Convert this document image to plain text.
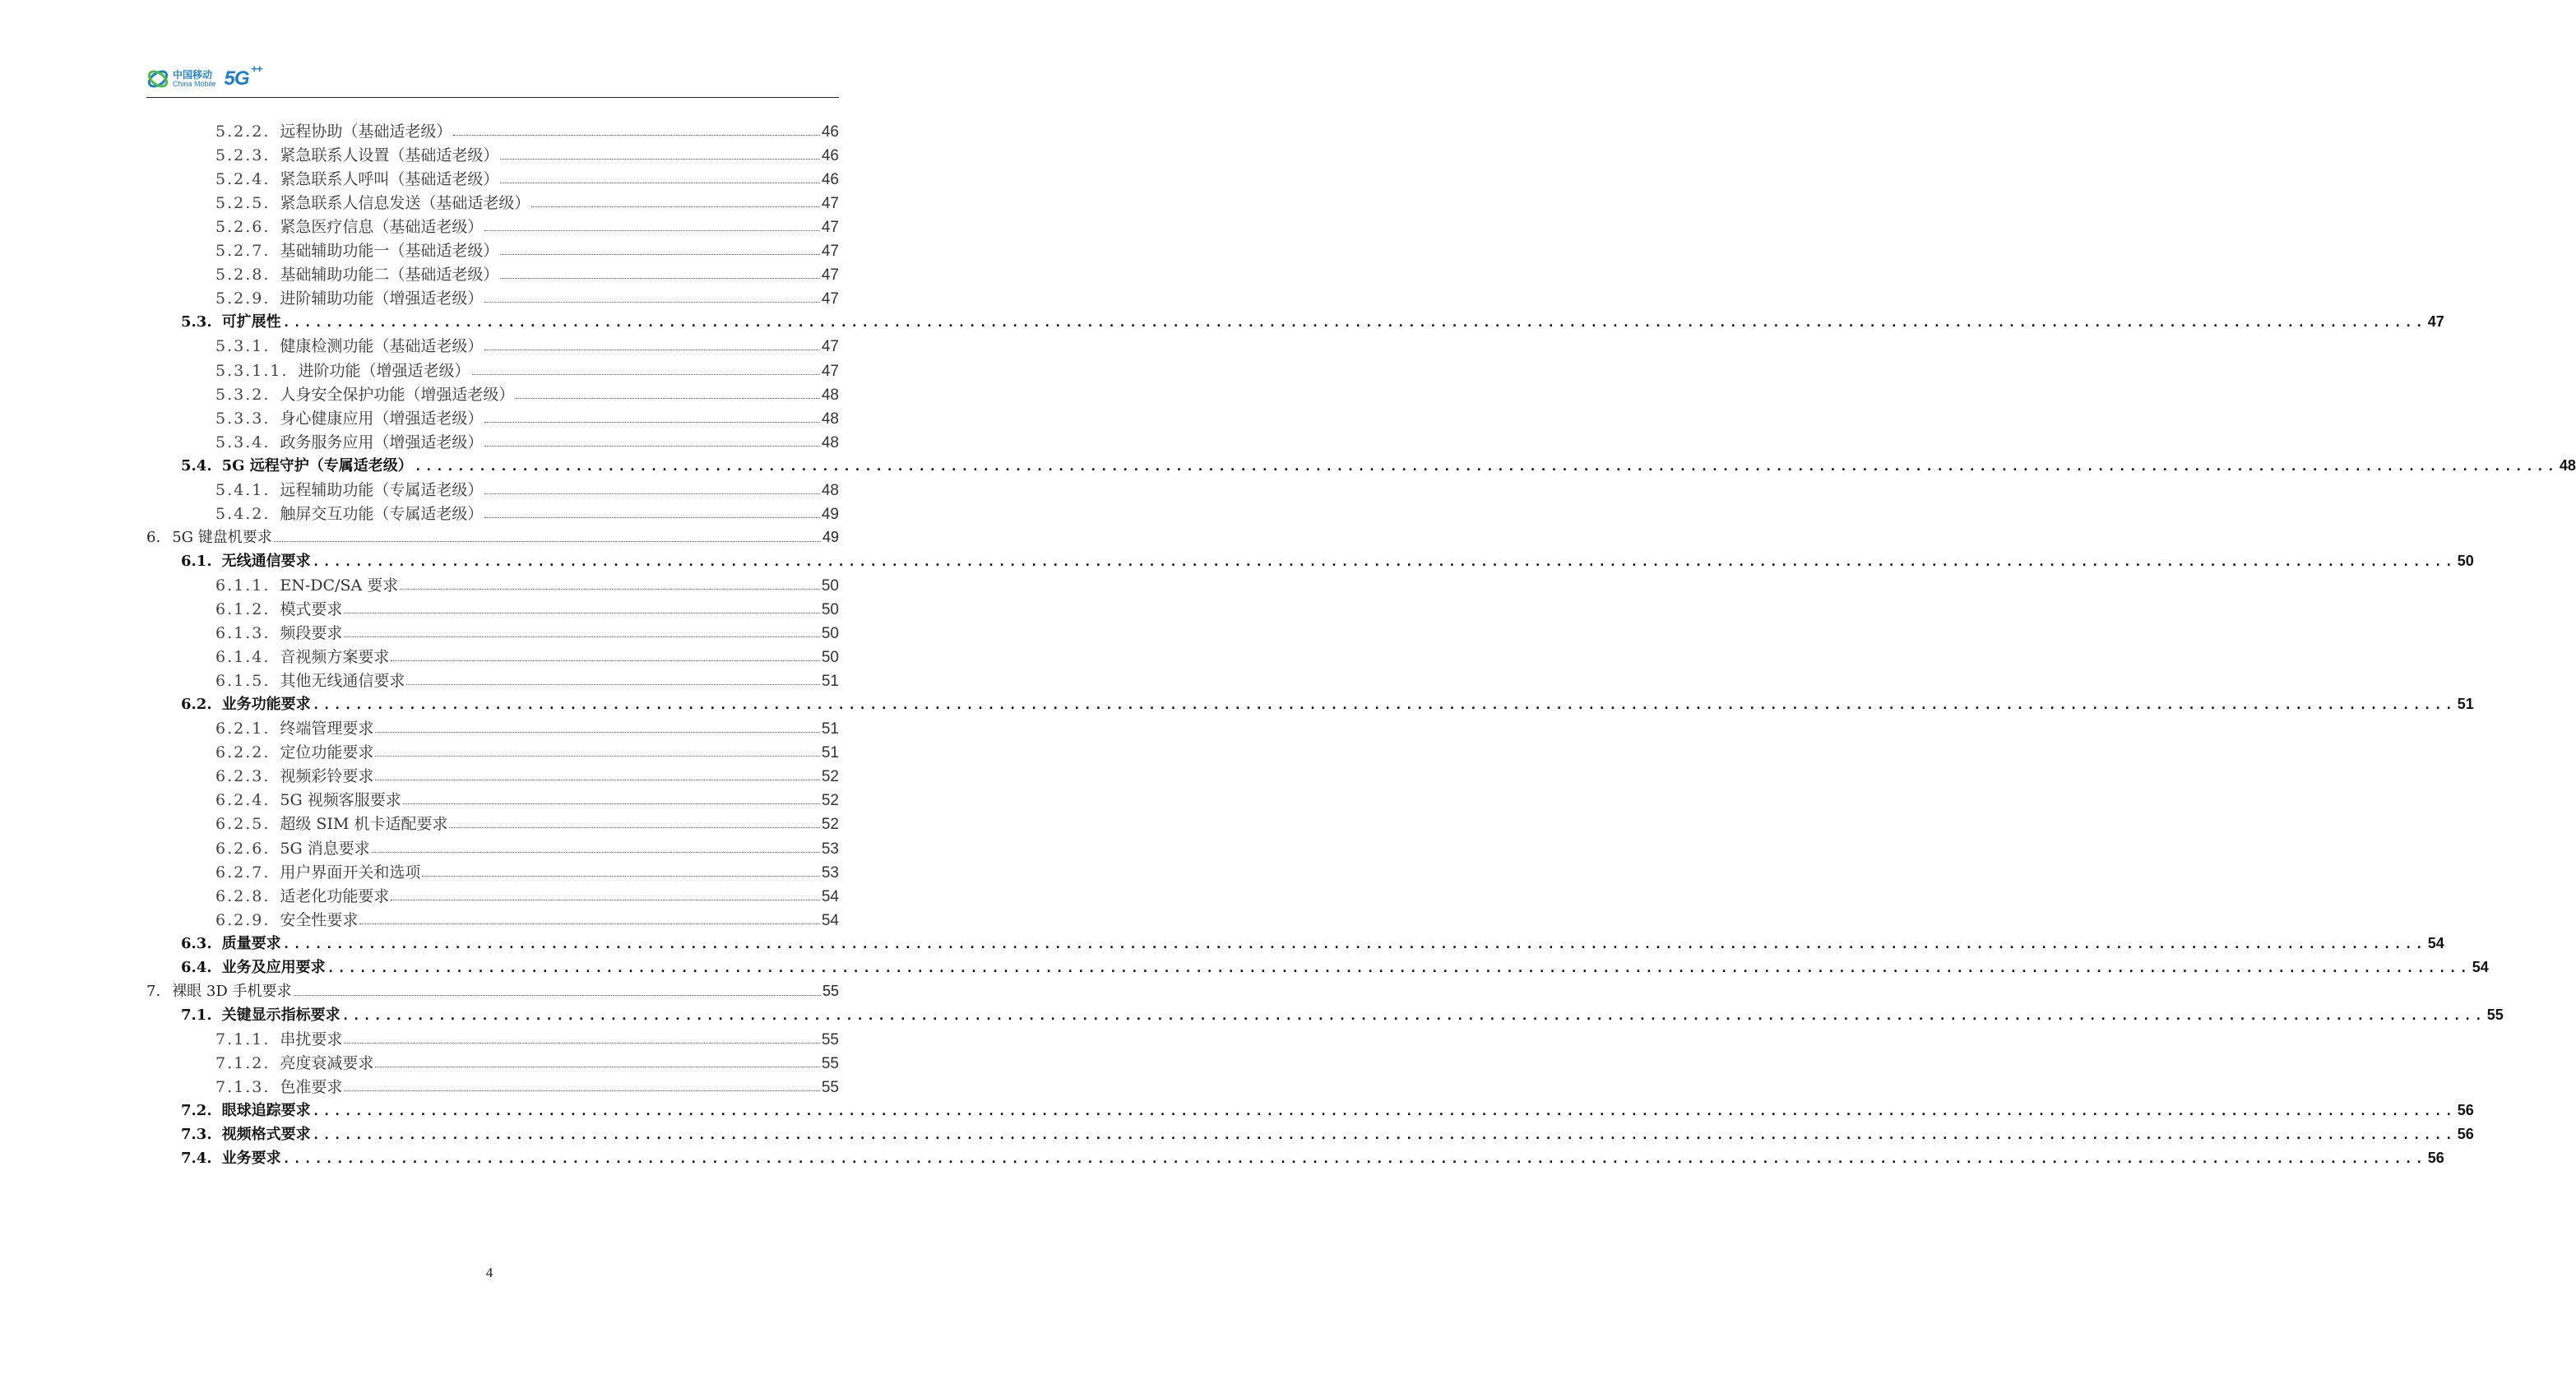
中国移动
China Mobile 5G ++
5.2.2. 远程协助（基础适老级）	46
5.2.3. 紧急联系人设置（基础适老级）	46
5.2.4. 紧急联系人呼叫（基础适老级）	46
5.2.5. 紧急联系人信息发送（基础适老级）	47
5.2.6. 紧急医疗信息（基础适老级）	47
5.2.7. 基础辅助功能一（基础适老级）	47
5.2.8. 基础辅助功能二（基础适老级）	47
5.2.9. 进阶辅助功能（增强适老级）	47
5.3. 可扩展性 ........................................................................................................................................................................................................ 47
5.3.1. 健康检测功能（基础适老级）	47
5.3.1.1. 进阶功能（增强适老级）	47
5.3.2. 人身安全保护功能（增强适老级）	48
5.3.3. 身心健康应用（增强适老级）	48
5.3.4. 政务服务应用（增强适老级）	48
5.4. 5G 远程守护（专属适老级） ........................................................................................................................................................................................................ 48
5.4.1. 远程辅助功能（专属适老级）	48
5.4.2. 触屏交互功能（专属适老级）	49
6. 5G 键盘机要求	49
6.1. 无线通信要求 ........................................................................................................................................................................................................ 50
6.1.1. EN-DC/SA 要求	50
6.1.2. 模式要求	50
6.1.3. 频段要求	50
6.1.4. 音视频方案要求	50
6.1.5. 其他无线通信要求	51
6.2. 业务功能要求 ........................................................................................................................................................................................................ 51
6.2.1. 终端管理要求	51
6.2.2. 定位功能要求	51
6.2.3. 视频彩铃要求	52
6.2.4. 5G 视频客服要求	52
6.2.5. 超级 SIM 机卡适配要求	52
6.2.6. 5G 消息要求	53
6.2.7. 用户界面开关和选项	53
6.2.8. 适老化功能要求	54
6.2.9. 安全性要求	54
6.3. 质量要求 ........................................................................................................................................................................................................ 54
6.4. 业务及应用要求 ........................................................................................................................................................................................................ 54
7. 裸眼 3D 手机要求	55
7.1. 关键显示指标要求 ........................................................................................................................................................................................................ 55
7.1.1. 串扰要求	55
7.1.2. 亮度衰减要求	55
7.1.3. 色准要求	55
7.2. 眼球追踪要求 ........................................................................................................................................................................................................ 56
7.3. 视频格式要求 ........................................................................................................................................................................................................ 56
7.4. 业务要求 ........................................................................................................................................................................................................ 56
4
